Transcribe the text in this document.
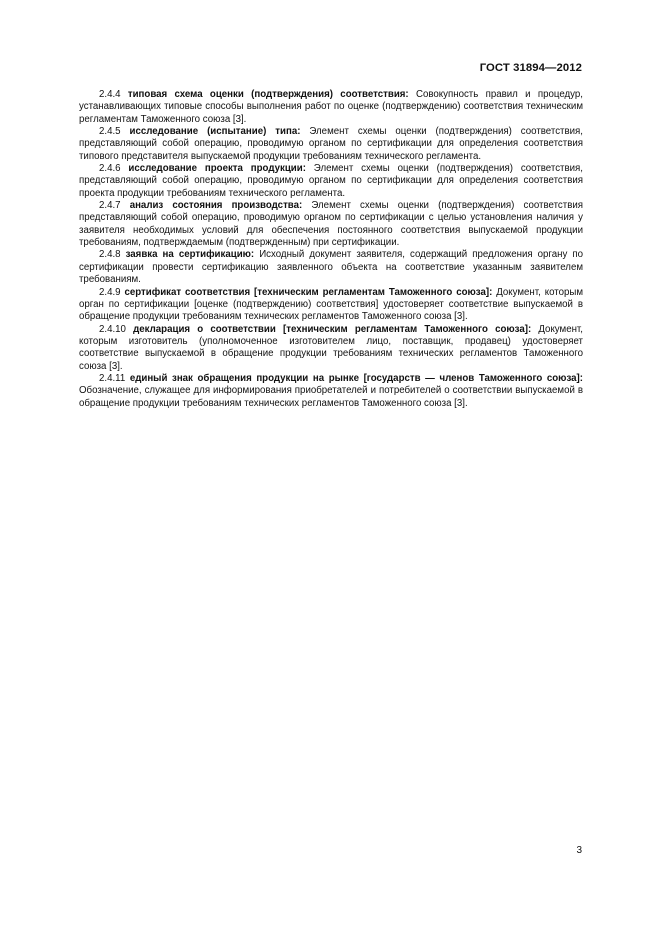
ГОСТ 31894—2012

2.4.4 типовая схема оценки (подтверждения) соответствия: Совокупность правил и процедур, устанавливающих типовые способы выполнения работ по оценке (подтверждению) соответствия техническим регламентам Таможенного союза [3].

2.4.5 исследование (испытание) типа: Элемент схемы оценки (подтверждения) соответствия, представляющий собой операцию, проводимую органом по сертификации для определения соответствия типового представителя выпускаемой продукции требованиям технического регламента.

2.4.6 исследование проекта продукции: Элемент схемы оценки (подтверждения) соответствия, представляющий собой операцию, проводимую органом по сертификации для определения соответствия проекта продукции требованиям технического регламента.

2.4.7 анализ состояния производства: Элемент схемы оценки (подтверждения) соответствия представляющий собой операцию, проводимую органом по сертификации с целью установления наличия у заявителя необходимых условий для обеспечения постоянного соответствия выпускаемой продукции требованиям, подтверждаемым (подтвержденным) при сертификации.

2.4.8 заявка на сертификацию: Исходный документ заявителя, содержащий предложения органу по сертификации провести сертификацию заявленного объекта на соответствие указанным заявителем требованиям.

2.4.9 сертификат соответствия [техническим регламентам Таможенного союза]: Документ, которым орган по сертификации [оценке (подтверждению) соответствия] удостоверяет соответствие выпускаемой в обращение продукции требованиям технических регламентов Таможенного союза [3].

2.4.10 декларация о соответствии [техническим регламентам Таможенного союза]: Документ, которым изготовитель (уполномоченное изготовителем лицо, поставщик, продавец) удостоверяет соответствие выпускаемой в обращение продукции требованиям технических регламентов Таможенного союза [3].

2.4.11 единый знак обращения продукции на рынке [государств — членов Таможенного союза]: Обозначение, служащее для информирования приобретателей и потребителей о соответствии выпускаемой в обращение продукции требованиям технических регламентов Таможенного союза [3].

3
